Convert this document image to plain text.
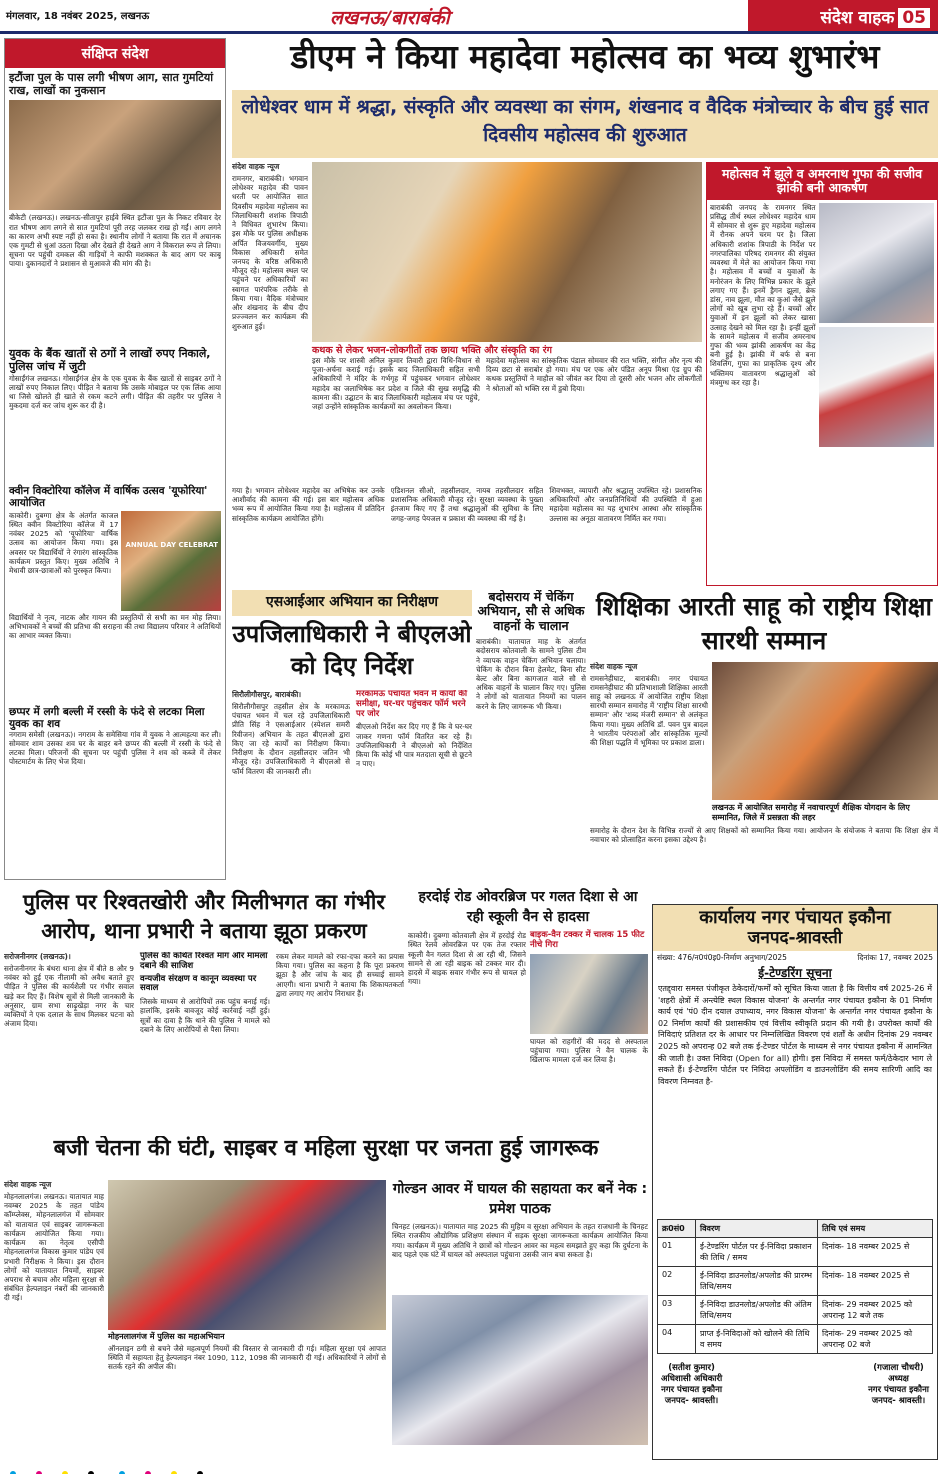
मंगलवार, 18 नवंबर 2025, लखनऊ	लखनऊ/बाराबंकी	संदेश वाहक 05
संक्षिप्त संदेश
इटौंजा पुल के पास लगी भीषण आग, सात गुमटियां राख, लाखों का नुकसान
बीकेटी (लखनऊ)। लखनऊ-सीतापुर हाईवे स्थित इटौंजा पुल के निकट रविवार देर रात भीषण आग लगने से सात गुमटियां पूरी तरह जलकर राख हो गईं। आग लगने का कारण अभी स्पष्ट नहीं हो सका है। स्थानीय लोगों ने बताया कि रात में अचानक एक गुमटी से धुआं उठता दिखा और देखते ही देखते आग ने विकराल रूप ले लिया। सूचना पर पहुंची दमकल की गाड़ियों ने काफी मशक्कत के बाद आग पर काबू पाया। दुकानदारों ने प्रशासन से मुआवजे की मांग की है।
युवक के बैंक खातों से ठगों ने लाखों रुपए निकाले, पुलिस जांच में जुटी
गोसाईंगंज लखनऊ। गोसाईंगंज क्षेत्र के एक युवक के बैंक खातों से साइबर ठगों ने लाखों रुपए निकाल लिए। पीड़ित ने बताया कि उसके मोबाइल पर एक लिंक आया था जिसे खोलते ही खाते से रकम कटने लगी। पीड़ित की तहरीर पर पुलिस ने मुकदमा दर्ज कर जांच शुरू कर दी है।
क्वीन विक्टोरिया कॉलेज में वार्षिक उत्सव 'यूफोरिया' आयोजित
काकोरी। दुबग्गा क्षेत्र के अंतर्गत काजल स्थित क्वीन विक्टोरिया कॉलेज में 17 नवंबर 2025 को 'यूफोरिया' वार्षिक उत्सव का आयोजन किया गया। इस अवसर पर विद्यार्थियों ने रंगारंग सांस्कृतिक कार्यक्रम प्रस्तुत किए। मुख्य अतिथि ने मेधावी छात्र-छात्राओं को पुरस्कृत किया।
ANNUAL DAY CELEBRAT
विद्यार्थियों ने नृत्य, नाटक और गायन की प्रस्तुतियों से सभी का मन मोह लिया। अभिभावकों ने बच्चों की प्रतिभा की सराहना की तथा विद्यालय परिवार ने अतिथियों का आभार व्यक्त किया।
छप्पर में लगी बल्ली में रस्सी के फंदे से लटका मिला युवक का शव
नगराम समेसी (लखनऊ)। नगराम के समेसिया गांव में युवक ने आत्महत्या कर ली। सोमवार शाम उसका शव घर के बाहर बने छप्पर की बल्ली में रस्सी के फंदे से लटका मिला। परिजनों की सूचना पर पहुंची पुलिस ने शव को कब्जे में लेकर पोस्टमार्टम के लिए भेज दिया।
डीएम ने किया महादेवा महोत्सव का भव्य शुभारंभ
लोधेश्वर धाम में श्रद्धा, संस्कृति और व्यवस्था का संगम, शंखनाद व वैदिक मंत्रोच्चार के बीच हुई सात दिवसीय महोत्सव की शुरुआत
संदेश वाहक न्यूज
रामनगर, बाराबंकी। भगवान लोधेश्वर महादेव की पावन धरती पर आयोजित सात दिवसीय महादेवा महोत्सव का जिलाधिकारी शशांक त्रिपाठी ने विधिवत शुभारंभ किया। इस मौके पर पुलिस अधीक्षक अर्पित विजयवर्गीय, मुख्य विकास अधिकारी समेत जनपद के वरिष्ठ अधिकारी मौजूद रहे। महोत्सव स्थल पर पहुंचने पर अधिकारियों का स्वागत पारंपरिक तरीके से किया गया। वैदिक मंत्रोच्चार और शंखनाद के बीच दीप प्रज्ज्वलन कर कार्यक्रम की शुरुआत हुई।
कथक से लेकर भजन-लोकगीतों तक छाया भक्ति और संस्कृति का रंग
इस मौके पर शास्त्री अनिल कुमार तिवारी द्वारा विधि-विधान से पूजा-अर्चना कराई गई। इसके बाद जिलाधिकारी सहित सभी अधिकारियों ने मंदिर के गर्भगृह में पहुंचकर भगवान लोधेश्वर महादेव का जलाभिषेक कर प्रदेश व जिले की सुख समृद्धि की कामना की। उद्घाटन के बाद जिलाधिकारी महोत्सव मंच पर पहुंचे, जहां उन्होंने सांस्कृतिक कार्यक्रमों का अवलोकन किया।
महादेवा महोत्सव का सांस्कृतिक पंडाल सोमवार की रात भक्ति, संगीत और नृत्य की दिव्य छटा से सराबोर हो गया। मंच पर एक ओर पंडित अनूप मिश्रा एंड ग्रुप की कथक प्रस्तुतियों ने माहौल को जीवंत कर दिया तो दूसरी ओर भजन और लोकगीतों ने श्रोताओं को भक्ति रस में डुबो दिया।
गया है। भगवान लोधेश्वर महादेव का अभिषेक कर उनके आशीर्वाद की कामना की गई। इस बार महोत्सव अधिक भव्य रूप में आयोजित किया गया है। महोत्सव में प्रतिदिन सांस्कृतिक कार्यक्रम आयोजित होंगे।
एडिशनल सीओ, तहसीलदार, नायब तहसीलदार सहित प्रशासनिक अधिकारी मौजूद रहे। सुरक्षा व्यवस्था के पुख्ता इंतजाम किए गए हैं तथा श्रद्धालुओं की सुविधा के लिए जगह-जगह पेयजल व प्रकाश की व्यवस्था की गई है।
शिवभक्त, व्यापारी और श्रद्धालु उपस्थित रहे। प्रशासनिक अधिकारियों और जनप्रतिनिधियों की उपस्थिति में हुआ महादेवा महोत्सव का यह शुभारंभ आस्था और सांस्कृतिक उल्लास का अनूठा वातावरण निर्मित कर गया।
महोत्सव में झूले व अमरनाथ गुफा की सजीव झांकी बनी आकर्षण
बाराबंकी जनपद के रामनगर स्थित प्रसिद्ध तीर्थ स्थल लोधेश्वर महादेव धाम में सोमवार से शुरू हुए महादेवा महोत्सव में रौनक अपने चरम पर है। जिला अधिकारी शशांक त्रिपाठी के निर्देश पर नगरपालिका परिषद रामनगर की संयुक्त व्यवस्था में मेले का आयोजन किया गया है। महोत्सव में बच्चों व युवाओं के मनोरंजन के लिए विभिन्न प्रकार के झूले लगाए गए हैं। इनमें ड्रैगन झूला, ब्रेक डांस, नाव झूला, मौत का कुआं जैसे झूले लोगों को खूब लुभा रहे हैं। बच्चों और युवाओं में इन झूलों को लेकर खासा उत्साह देखने को मिल रहा है। इन्हीं झूलों के सामने महोत्सव में सजीव अमरनाथ गुफा की भव्य झांकी आकर्षण का केंद्र बनी हुई है। झांकी में बर्फ से बना शिवलिंग, गुफा का प्राकृतिक दृश्य और भक्तिमय वातावरण श्रद्धालुओं को मंत्रमुग्ध कर रहा है।
एसआईआर अभियान का निरीक्षण
उपजिलाधिकारी ने बीएलओ को दिए निर्देश
सिरौलीगौसपुर, बाराबंकी।
सिरौलीगौसपुर तहसील क्षेत्र के मरकामऊ पंचायत भवन में चल रहे उपजिलाधिकारी प्रीति सिंह ने एसआईआर (स्पेशल समरी रिवीजन) अभियान के तहत बीएलओ द्वारा किए जा रहे कार्यों का निरीक्षण किया। निरीक्षण के दौरान तहसीलदार जतिन भी मौजूद रहे। उपजिलाधिकारी ने बीएलओ से फॉर्म वितरण की जानकारी ली।
मरकामऊ पंचायत भवन में कार्यों की समीक्षा, घर-घर पहुंचकर फॉर्म भरने पर जोर
बीएलओ निर्देश कर दिए गए हैं कि वे घर-घर जाकर गणना फॉर्म वितरित कर रहे हैं। उपजिलाधिकारी ने बीएलओ को निर्देशित किया कि कोई भी पात्र मतदाता सूची से छूटने न पाए।
बदोसराय में चेकिंग अभियान, सौ से अधिक वाहनों के चालान
बाराबंकी। यातायात माह के अंतर्गत बदोसराय कोतवाली के सामने पुलिस टीम ने व्यापक वाहन चेकिंग अभियान चलाया। चेकिंग के दौरान बिना हेलमेट, बिना सीट बेल्ट और बिना कागजात वाले सौ से अधिक वाहनों के चालान किए गए। पुलिस ने लोगों को यातायात नियमों का पालन करने के लिए जागरूक भी किया।
शिक्षिका आरती साहू को राष्ट्रीय शिक्षा सारथी सम्मान
संदेश वाहक न्यूज
रामसनेहीघाट, बाराबंकी। नगर पंचायत रामसनेहीघाट की प्रतिभाशाली शिक्षिका आरती साहू को लखनऊ में आयोजित राष्ट्रीय शिक्षा सारथी सम्मान समारोह में 'राष्ट्रीय शिक्षा सारथी सम्मान' और 'शब्द मंजरी सम्मान' से अलंकृत किया गया। मुख्य अतिथि डॉ. पवन पुत्र बादल ने भारतीय परंपराओं और सांस्कृतिक मूल्यों की शिक्षा पद्धति में भूमिका पर प्रकाश डाला।
लखनऊ में आयोजित समारोह में नवाचारपूर्ण शैक्षिक योगदान के लिए सम्मानित, जिले में प्रसन्नता की लहर
समारोह के दौरान देश के विभिन्न राज्यों से आए शिक्षकों को सम्मानित किया गया। आयोजन के संयोजक ने बताया कि शिक्षा क्षेत्र में नवाचार को प्रोत्साहित करना इसका उद्देश्य है।
पुलिस पर रिश्वतखोरी और मिलीभगत का गंभीर आरोप, थाना प्रभारी ने बताया झूठा प्रकरण
सरोजनीनगर (लखनऊ)।
सरोजनीनगर के बंथरा थाना क्षेत्र में बीते 8 और 9 नवंबर को हुई एक नीलामी को अवैध बताते हुए पीड़ित ने पुलिस की कार्यशैली पर गंभीर सवाल खड़े कर दिए हैं। विशेष सूत्रों से मिली जानकारी के अनुसार, ग्राम सभा साढ़ूखेड़ा नगर के चार व्यक्तियों ने एक दलाल के साथ मिलकर घटना को अंजाम दिया।
पुलिस की कथित रिश्वत मांग और मामला दबाने की साजिश
वन्यजीव संरक्षण व कानून व्यवस्था पर सवाल
जिसके माध्यम से आरोपियों तक पहुंच बनाई गई। हालांकि, इसके बावजूद कोई कार्रवाई नहीं हुई। सूत्रों का दावा है कि थाने की पुलिस ने मामले को दबाने के लिए आरोपियों से पैसा लिया।
रकम लेकर मामले को रफा-दफा करने का प्रयास किया गया। पुलिस का कहना है कि पूरा प्रकरण झूठा है और जांच के बाद ही सच्चाई सामने आएगी। थाना प्रभारी ने बताया कि शिकायतकर्ता द्वारा लगाए गए आरोप निराधार हैं।
हरदोई रोड ओवरब्रिज पर गलत दिशा से आ रही स्कूली वैन से हादसा
काकोरी। दुबग्गा कोतवाली क्षेत्र में हरदोई रोड स्थित रेलवे ओवरब्रिज पर एक तेज रफ्तार स्कूली वैन गलत दिशा से आ रही थी, जिसने सामने से आ रही बाइक को टक्कर मार दी। हादसे में बाइक सवार गंभीर रूप से घायल हो गया।
बाइक-वैन टक्कर में चालक 15 फीट नीचे गिरा
घायल को राहगीरों की मदद से अस्पताल पहुंचाया गया। पुलिस ने वैन चालक के खिलाफ मामला दर्ज कर लिया है।
कार्यालय नगर पंचायत इकौना
जनपद-श्रावस्ती
संख्या: 476/न0पं0इ0-निर्माण अनुभाग/2025	दिनांकः 17, नवम्बर 2025
ई-टेण्डरिंग सूचना
एतद्द्वारा समस्त पंजीकृत ठेकेदारों/फर्मों को सूचित किया जाता है कि वित्तीय वर्ष 2025-26 में 'शहरी क्षेत्रों में अन्त्येष्टि स्थल विकास योजना' के अन्तर्गत नगर पंचायत इकौना के 01 निर्माण कार्य एवं 'पं0 दीन दयाल उपाध्याय, नगर विकास योजना' के अन्तर्गत नगर पंचायत इकौना के 02 निर्माण कार्यों की प्रशासकीय एवं वित्तीय स्वीकृति प्रदान की गयी है। उपरोक्त कार्यों की निविदाएं प्रतिशत दर के आधार पर निम्नलिखित विवरण एवं शर्तों के अधीन दिनांक 29 नवम्बर 2025 को अपरान्ह 02 बजे तक ई-टेण्डर पोर्टल के माध्यम से नगर पंचायत इकौना में आमन्त्रित की जाती है। उक्त निविदा (Open for all) होगी। इस निविदा में समस्त फर्म/ठेकेदार भाग ले सकते हैं। ई-टेण्डरिंग पोर्टल पर निविदा अपलोडिंग व डाउनलोडिंग की समय सारिणी आदि का विवरण निम्नवत है-
क्र0सं0	विवरण	तिथि एवं समय
01	ई-टेण्डरिंग पोर्टल पर ई-निविदा प्रकाशन की तिथि / समय	दिनांक- 18 नवम्बर 2025 से
02	ई-निविदा डाउनलोड/अपलोड की प्रारम्भ तिथि/समय	दिनांक- 18 नवम्बर 2025 से
03	ई-निविदा डाउनलोड/अपलोड की अंतिम तिथि/समय	दिनांक- 29 नवम्बर 2025 को अपरान्ह 12 बजे तक
04	प्राप्त ई-निविदाओं को खोलने की तिथि व समय	दिनांक- 29 नवम्बर 2025 को अपरान्ह 02 बजे
(सतीश कुमार)
अधिशासी अधिकारी
नगर पंचायत इकौना
जनपद- श्रावस्ती।
(गजाला चौधरी)
अध्यक्ष
नगर पंचायत इकौना
जनपद- श्रावस्ती।
बजी चेतना की घंटी, साइबर व महिला सुरक्षा पर जनता हुई जागरूक
संदेश वाहक न्यूज
मोहनलालगंज। लखनऊ। यातायात माह नवम्बर 2025 के तहत पांडेय कॉम्प्लेक्स, मोहनलालगंज में सोमवार को यातायात एवं साइबर जागरूकता कार्यक्रम आयोजित किया गया। कार्यक्रम का नेतृत्व एसीपी मोहनलालगंज विकास कुमार पांडेय एवं प्रभारी निरीक्षक ने किया। इस दौरान लोगों को यातायात नियमों, साइबर अपराध से बचाव और महिला सुरक्षा से संबंधित हेल्पलाइन नंबरों की जानकारी दी गई।
मोहनलालगंज में पुलिस का महाअभियान
ऑनलाइन ठगी से बचने जैसे महत्वपूर्ण नियमों की विस्तार से जानकारी दी गई। महिला सुरक्षा एवं आपात स्थिति में सहायता हेतु हेल्पलाइन नंबर 1090, 112, 1098 की जानकारी दी गई। अधिकारियों ने लोगों से सतर्क रहने की अपील की।
गोल्डन आवर में घायल की सहायता कर बनें नेक : प्रमेश पाठक
चिनहट (लखनऊ)। यातायात माह 2025 की मुहिम व सुरक्षा अभियान के तहत राजधानी के चिनहट स्थित राजकीय औद्योगिक प्रशिक्षण संस्थान में सड़क सुरक्षा जागरूकता कार्यक्रम आयोजित किया गया। कार्यक्रम में मुख्य अतिथि ने छात्रों को गोल्डन आवर का महत्व समझाते हुए कहा कि दुर्घटना के बाद पहले एक घंटे में घायल को अस्पताल पहुंचाना उसकी जान बचा सकता है।
